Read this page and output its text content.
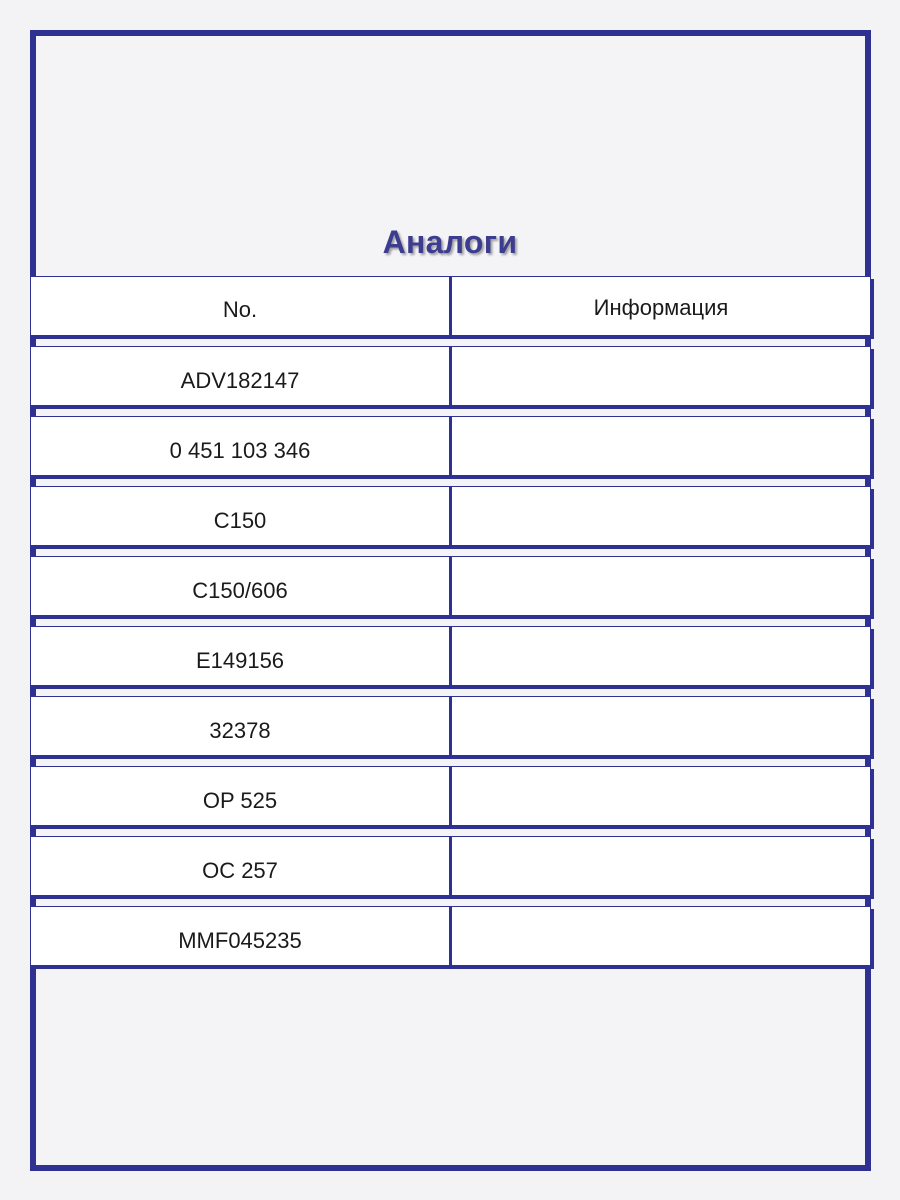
Аналоги
No.	Информация
ADV182147
0 451 103 346
C150
C150/606
E149156
32378
OP 525
OC 257
MMF045235
